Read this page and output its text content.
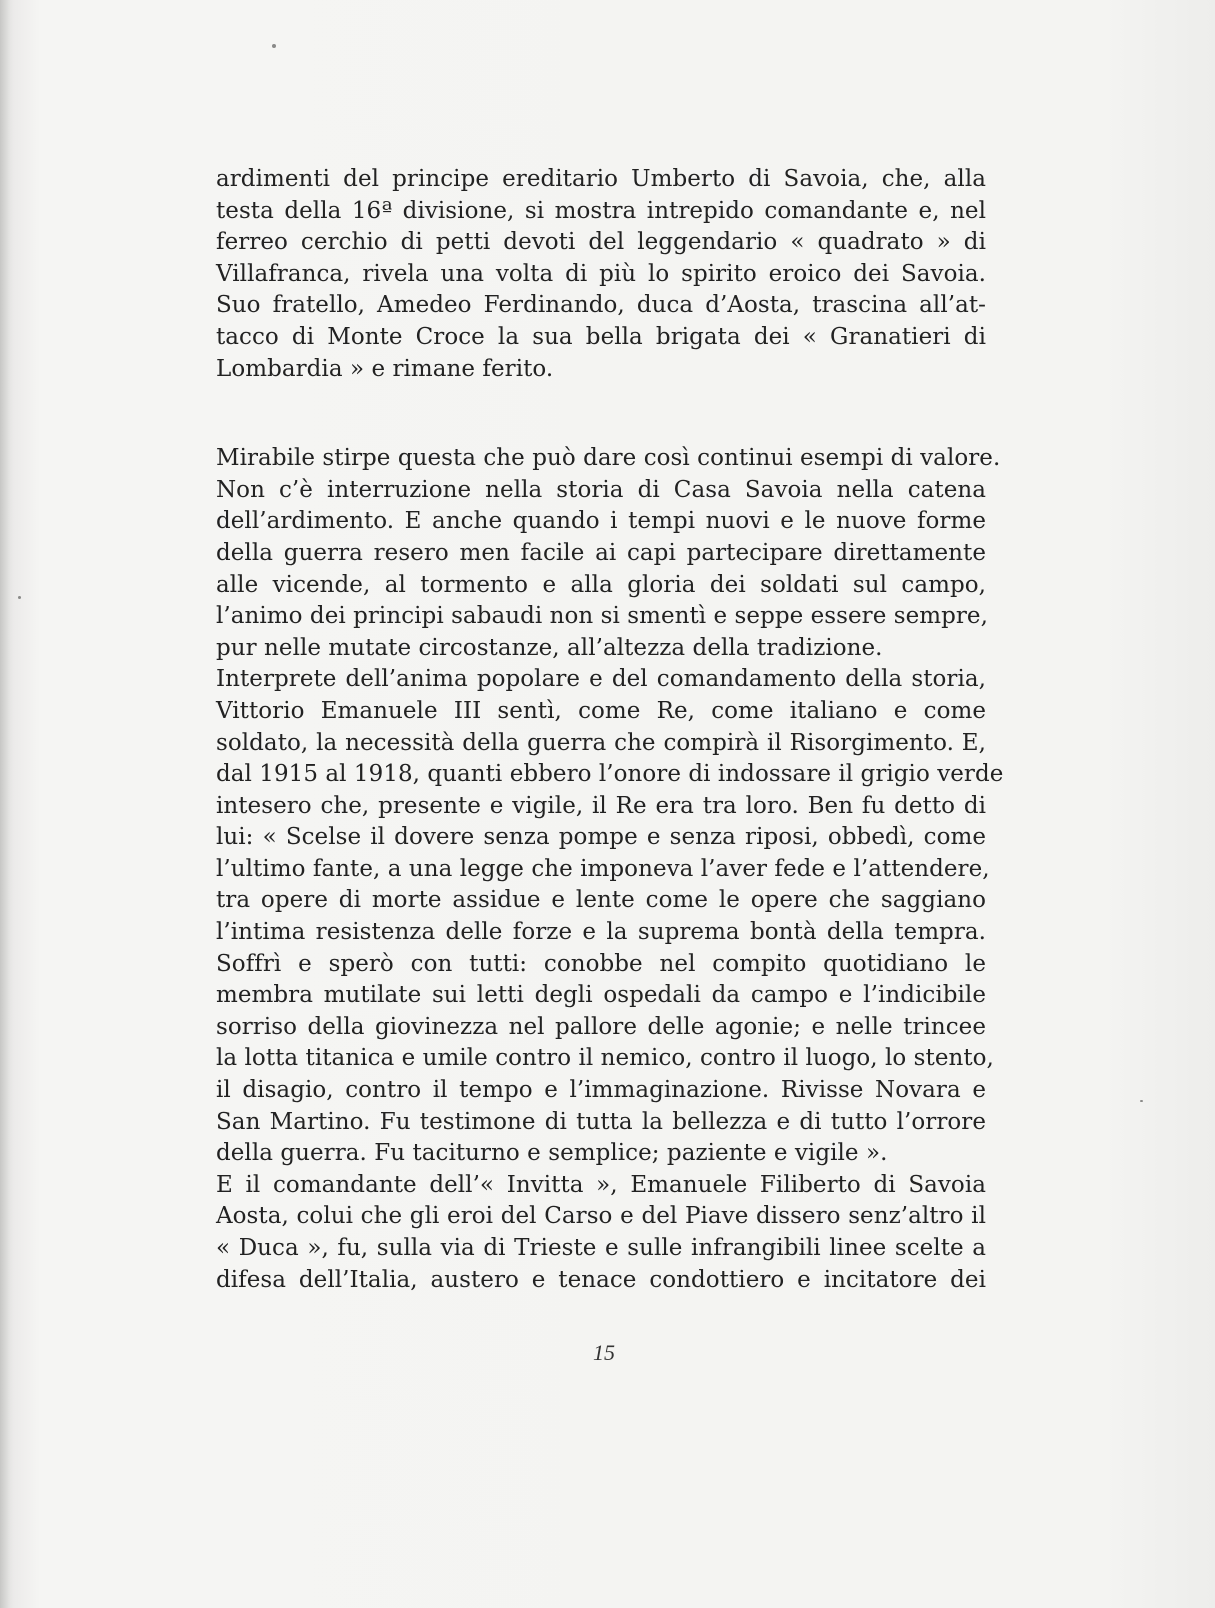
ardimenti del principe ereditario Umberto di Savoia, che, alla
testa della 16ª divisione, si mostra intrepido comandante e, nel
ferreo cerchio di petti devoti del leggendario « quadrato » di
Villafranca, rivela una volta di più lo spirito eroico dei Savoia.
Suo fratello, Amedeo Ferdinando, duca d’Aosta, trascina all’at-
tacco di Monte Croce la sua bella brigata dei « Granatieri di
Lombardia » e rimane ferito.
Mirabile stirpe questa che può dare così continui esempi di valore.
Non c’è interruzione nella storia di Casa Savoia nella catena
dell’ardimento. E anche quando i tempi nuovi e le nuove forme
della guerra resero men facile ai capi partecipare direttamente
alle vicende, al tormento e alla gloria dei soldati sul campo,
l’animo dei principi sabaudi non si smentì e seppe essere sempre,
pur nelle mutate circostanze, all’altezza della tradizione.
Interprete dell’anima popolare e del comandamento della storia,
Vittorio Emanuele III sentì, come Re, come italiano e come
soldato, la necessità della guerra che compirà il Risorgimento. E,
dal 1915 al 1918, quanti ebbero l’onore di indossare il grigio verde
intesero che, presente e vigile, il Re era tra loro. Ben fu detto di
lui: « Scelse il dovere senza pompe e senza riposi, obbedì, come
l’ultimo fante, a una legge che imponeva l’aver fede e l’attendere,
tra opere di morte assidue e lente come le opere che saggiano
l’intima resistenza delle forze e la suprema bontà della tempra.
Soffrì e sperò con tutti: conobbe nel compito quotidiano le
membra mutilate sui letti degli ospedali da campo e l’indicibile
sorriso della giovinezza nel pallore delle agonie; e nelle trincee
la lotta titanica e umile contro il nemico, contro il luogo, lo stento,
il disagio, contro il tempo e l’immaginazione. Rivisse Novara e
San Martino. Fu testimone di tutta la bellezza e di tutto l’orrore
della guerra. Fu taciturno e semplice; paziente e vigile ».
E il comandante dell’« Invitta », Emanuele Filiberto di Savoia
Aosta, colui che gli eroi del Carso e del Piave dissero senz’altro il
« Duca », fu, sulla via di Trieste e sulle infrangibili linee scelte a
difesa dell’Italia, austero e tenace condottiero e incitatore dei
15
